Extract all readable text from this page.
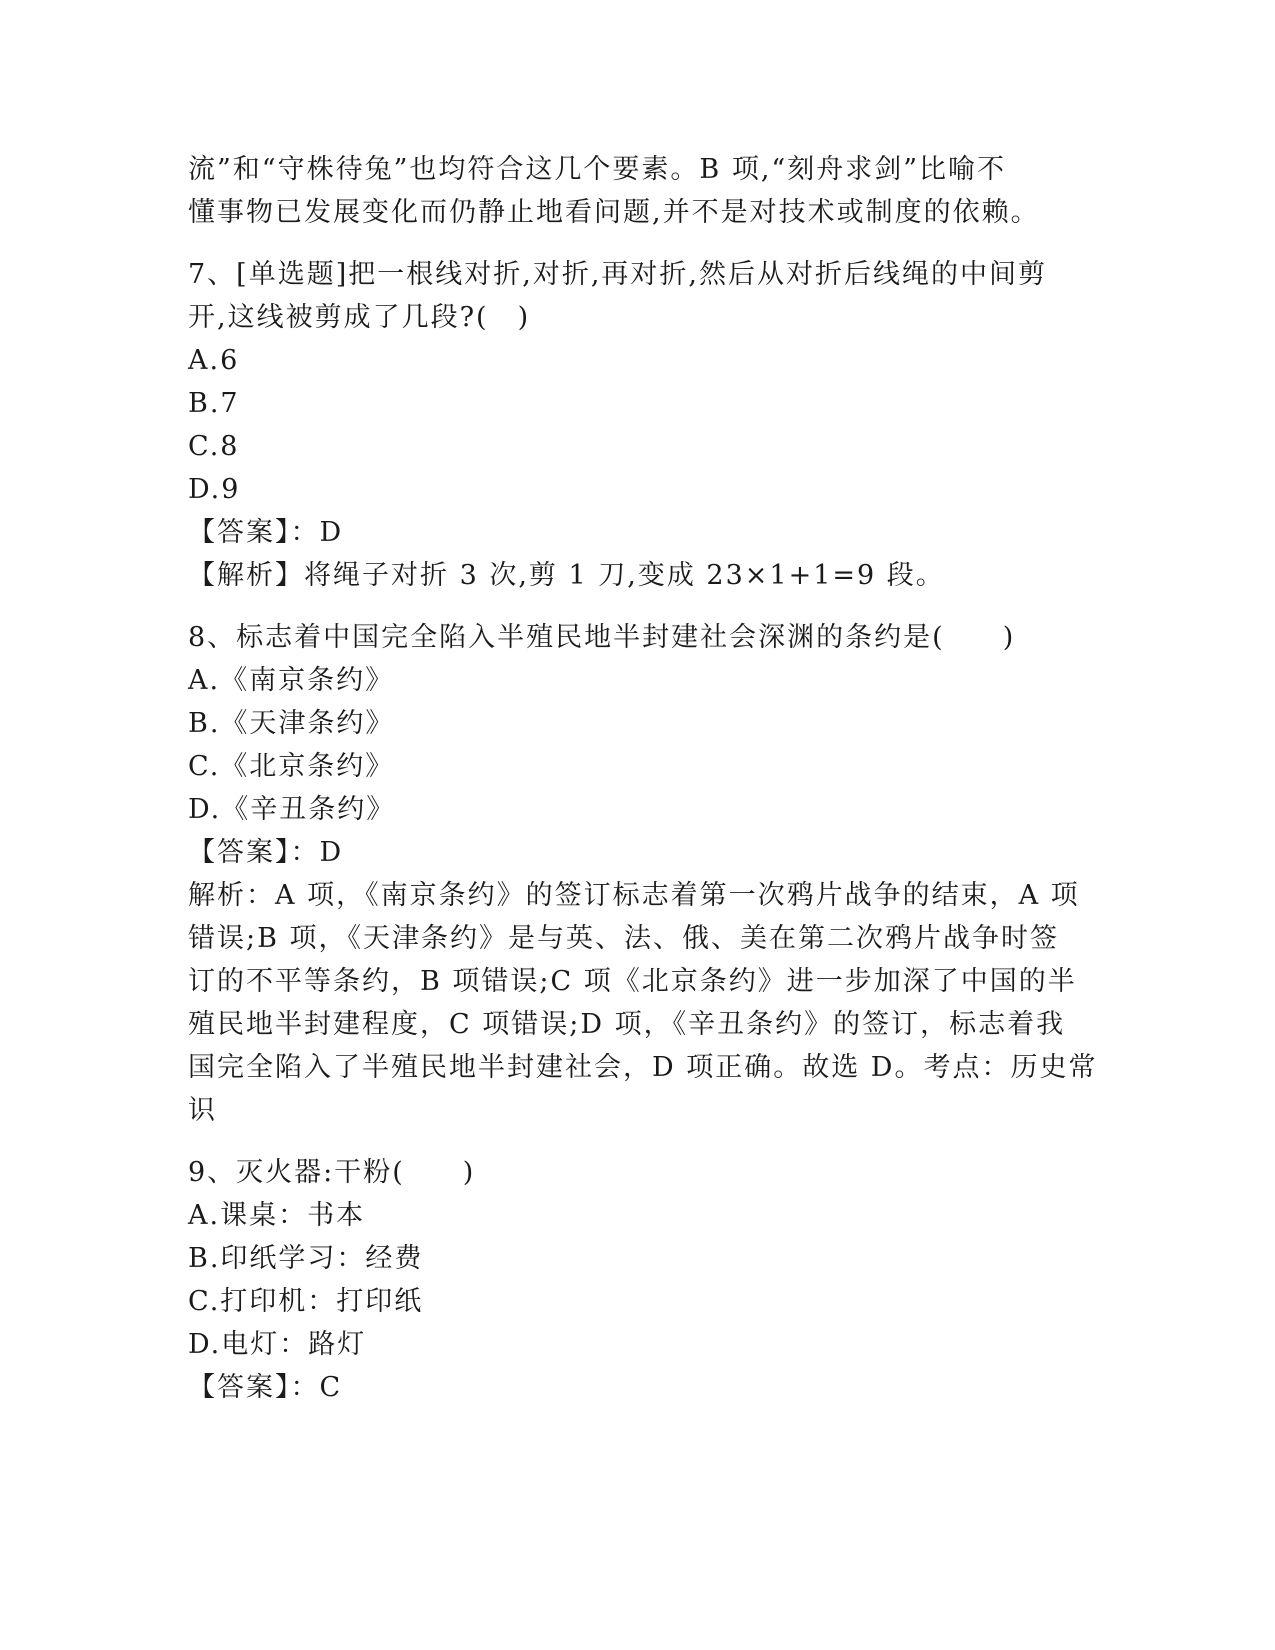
流”和“守株待兔”也均符合这几个要素。B 项,“刻舟求剑”比喻不
懂事物已发展变化而仍静止地看问题,并不是对技术或制度的依赖。
7、[单选题]把一根线对折,对折,再对折,然后从对折后线绳的中间剪
开,这线被剪成了几段?(　)
A.6
B.7
C.8
D.9
【答案】：D
【解析】将绳子对折 3 次,剪 1 刀,变成 23×1+1=9 段。
8、标志着中国完全陷入半殖民地半封建社会深渊的条约是(　　)
A.《南京条约》
B.《天津条约》
C.《北京条约》
D.《辛丑条约》
【答案】：D
解析：A 项，《南京条约》的签订标志着第一次鸦片战争的结束，A 项
错误;B 项，《天津条约》是与英、法、俄、美在第二次鸦片战争时签
订的不平等条约，B 项错误;C 项《北京条约》进一步加深了中国的半
殖民地半封建程度，C 项错误;D 项，《辛丑条约》的签订，标志着我
国完全陷入了半殖民地半封建社会，D 项正确。故选 D。考点：历史常
识
9、灭火器:干粉(　　)
A.课桌：书本
B.印纸学习：经费
C.打印机：打印纸
D.电灯：路灯
【答案】：C
